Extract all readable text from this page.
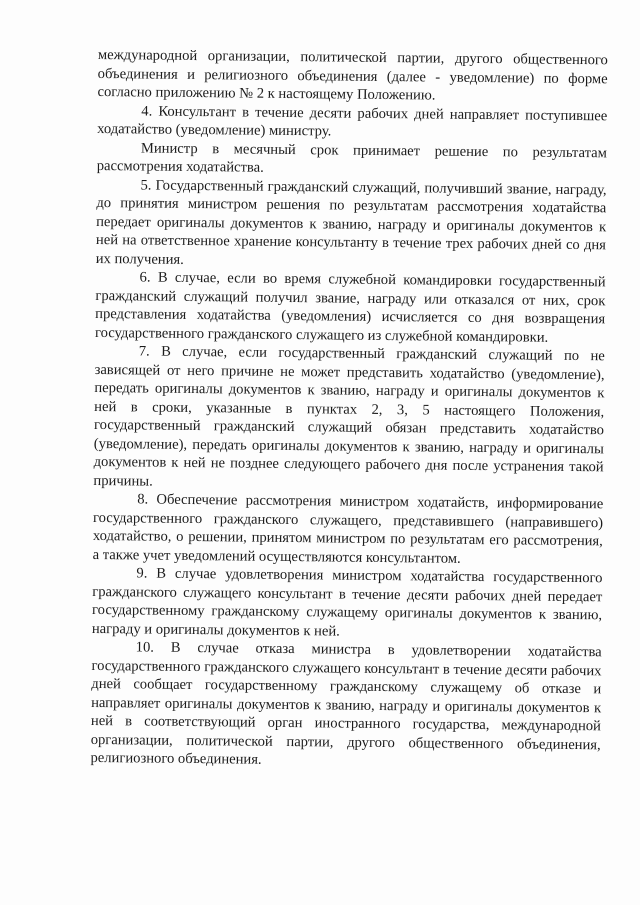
международной организации, политической партии, другого общественного объединения и религиозного объединения (далее - уведомление) по форме согласно приложению № 2 к настоящему Положению.

4. Консультант в течение десяти рабочих дней направляет поступившее ходатайство (уведомление) министру.

Министр в месячный срок принимает решение по результатам рассмотрения ходатайства.

5. Государственный гражданский служащий, получивший звание, награду, до принятия министром решения по результатам рассмотрения ходатайства передает оригиналы документов к званию, награду и оригиналы документов к ней на ответственное хранение консультанту в течение трех рабочих дней со дня их получения.

6. В случае, если во время служебной командировки государственный гражданский служащий получил звание, награду или отказался от них, срок представления ходатайства (уведомления) исчисляется со дня возвращения государственного гражданского служащего из служебной командировки.

7. В случае, если государственный гражданский служащий по не зависящей от него причине не может представить ходатайство (уведомление), передать оригиналы документов к званию, награду и оригиналы документов к ней в сроки, указанные в пунктах 2, 3, 5 настоящего Положения, государственный гражданский служащий обязан представить ходатайство (уведомление), передать оригиналы документов к званию, награду и оригиналы документов к ней не позднее следующего рабочего дня после устранения такой причины.

8. Обеспечение рассмотрения министром ходатайств, информирование государственного гражданского служащего, представившего (направившего) ходатайство, о решении, принятом министром по результатам его рассмотрения, а также учет уведомлений осуществляются консультантом.

9. В случае удовлетворения министром ходатайства государственного гражданского служащего консультант в течение десяти рабочих дней передает государственному гражданскому служащему оригиналы документов к званию, награду и оригиналы документов к ней.

10. В случае отказа министра в удовлетворении ходатайства государственного гражданского служащего консультант в течение десяти рабочих дней сообщает государственному гражданскому служащему об отказе и направляет оригиналы документов к званию, награду и оригиналы документов к ней в соответствующий орган иностранного государства, международной организации, политической партии, другого общественного объединения, религиозного объединения.
